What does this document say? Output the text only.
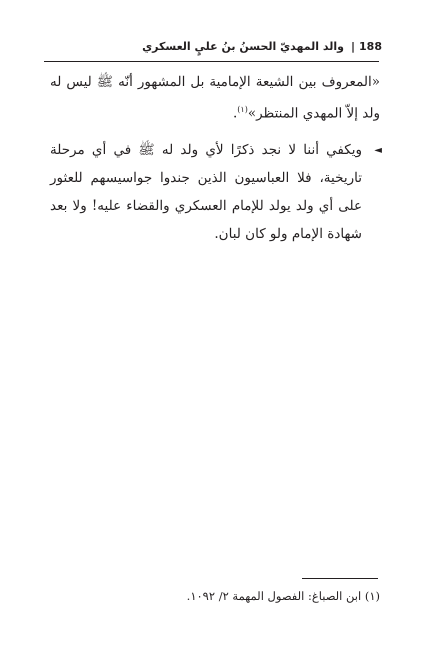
188
|
والد المهديّ الحسنُ بنُ عليٍ العسكري

«المعروف بين الشيعة الإمامية بل المشهور أنّه ﷺ ليس له ولد إلاّ المهدي المنتظر»$^{(١)}$.

◄
ويكفي أننا لا نجد ذكرًا لأي ولد له ﷺ في أي مرحلة تاريخية، فلا العباسيون الذين جندوا جواسيسهم للعثور على أي ولد يولد للإمام العسكري والقضاء عليه! ولا بعد شهادة الإمام ولو كان لبان.

(١) ابن الصباغ: الفصول المهمة ٢/ ١٠٩٢.
